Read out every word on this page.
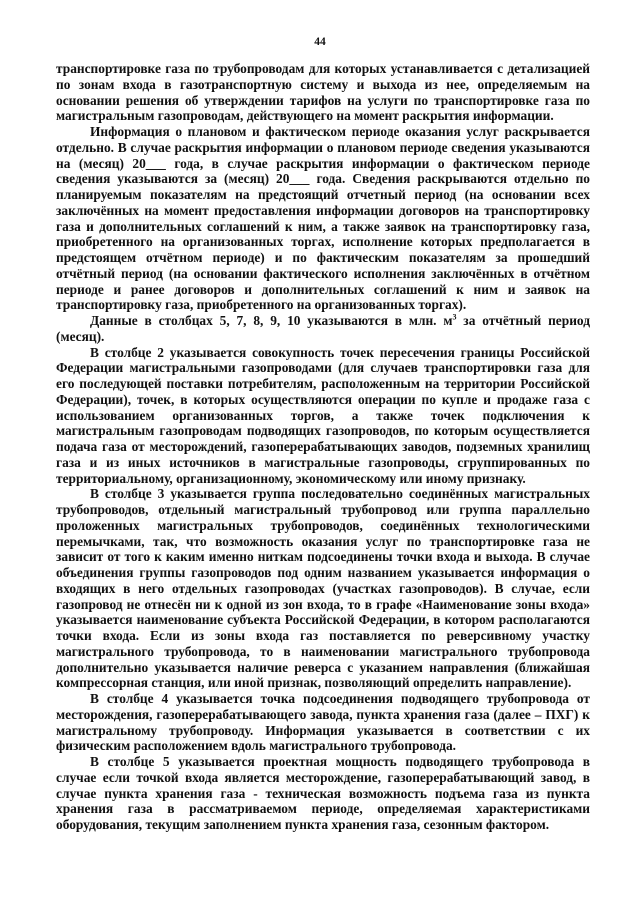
44

транспортировке газа по трубопроводам для которых устанавливается с детализацией по зонам входа в газотранспортную систему и выхода из нее, определяемым на основании решения об утверждении тарифов на услуги по транспортировке газа по магистральным газопроводам, действующего на момент раскрытия информации.

Информация о плановом и фактическом периоде оказания услуг раскрывается отдельно. В случае раскрытия информации о плановом периоде сведения указываются на (месяц) 20___ года, в случае раскрытия информации о фактическом периоде сведения указываются за (месяц) 20___ года. Сведения раскрываются отдельно по планируемым показателям на предстоящий отчетный период (на основании всех заключённых на момент предоставления информации договоров на транспортировку газа и дополнительных соглашений к ним, а также заявок на транспортировку газа, приобретенного на организованных торгах, исполнение которых предполагается в предстоящем отчётном периоде) и по фактическим показателям за прошедший отчётный период (на основании фактического исполнения заключённых в отчётном периоде и ранее договоров и дополнительных соглашений к ним и заявок на транспортировку газа, приобретенного на организованных торгах).

Данные в столбцах 5, 7, 8, 9, 10 указываются в млн. $м^3$ за отчётный период (месяц).

В столбце 2 указывается совокупность точек пересечения границы Российской Федерации магистральными газопроводами (для случаев транспортировки газа для его последующей поставки потребителям, расположенным на территории Российской Федерации), точек, в которых осуществляются операции по купле и продаже газа с использованием организованных торгов, а также точек подключения к магистральным газопроводам подводящих газопроводов, по которым осуществляется подача газа от месторождений, газоперерабатывающих заводов, подземных хранилищ газа и из иных источников в магистральные газопроводы, сгруппированных по территориальному, организационному, экономическому или иному признаку.

В столбце 3 указывается группа последовательно соединённых магистральных трубопроводов, отдельный магистральный трубопровод или группа параллельно проложенных магистральных трубопроводов, соединённых технологическими перемычками, так, что возможность оказания услуг по транспортировке газа не зависит от того к каким именно ниткам подсоединены точки входа и выхода. В случае объединения группы газопроводов под одним названием указывается информация о входящих в него отдельных газопроводах (участках газопроводов). В случае, если газопровод не отнесён ни к одной из зон входа, то в графе «Наименование зоны входа» указывается наименование субъекта Российской Федерации, в котором располагаются точки входа. Если из зоны входа газ поставляется по реверсивному участку магистрального трубопровода, то в наименовании магистрального трубопровода дополнительно указывается наличие реверса с указанием направления (ближайшая компрессорная станция, или иной признак, позволяющий определить направление).

В столбце 4 указывается точка подсоединения подводящего трубопровода от месторождения, газоперерабатывающего завода, пункта хранения газа (далее – ПХГ) к магистральному трубопроводу. Информация указывается в соответствии с их физическим расположением вдоль магистрального трубопровода.

В столбце 5 указывается проектная мощность подводящего трубопровода в случае если точкой входа является месторождение, газоперерабатывающий завод, в случае пункта хранения газа - техническая возможность подъема газа из пункта хранения газа в рассматриваемом периоде, определяемая характеристиками оборудования, текущим заполнением пункта хранения газа, сезонным фактором.
